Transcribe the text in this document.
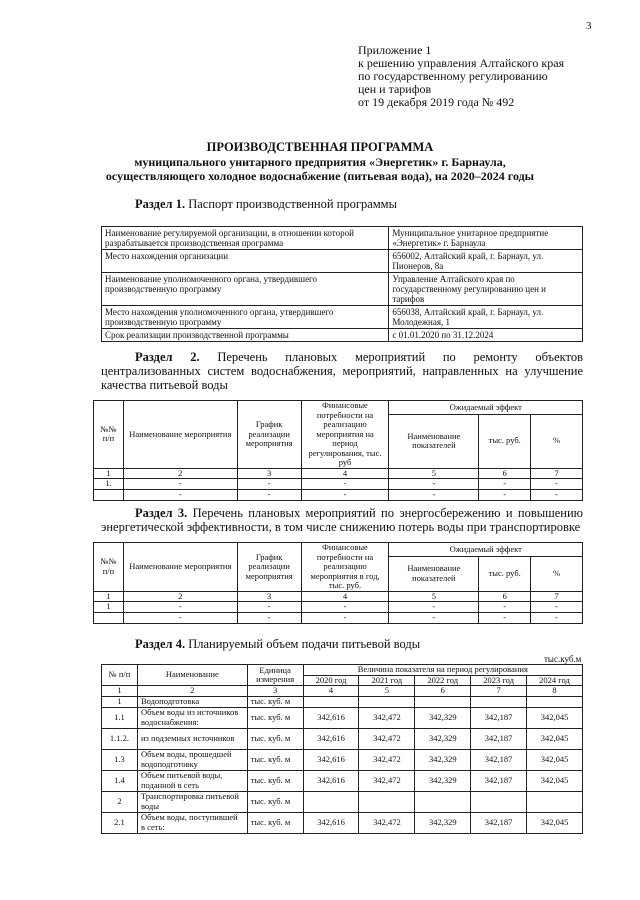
3
Приложение 1
к решению управления Алтайского края
по государственному регулированию
цен и тарифов
от 19 декабря 2019 года № 492
ПРОИЗВОДСТВЕННАЯ ПРОГРАММА
муниципального унитарного предприятия «Энергетик» г. Барнаула,
осуществляющего холодное водоснабжение (питьевая вода), на 2020–2024 годы
Раздел 1. Паспорт производственной программы
Наименование регулируемой организации, в отношении которой разрабатывается производственная программа	Муниципальное унитарное предприятие «Энергетик» г. Барнаула
Место нахождения организации	656002, Алтайский край, г. Барнаул, ул. Пионеров, 8а
Наименование уполномоченного органа, утвердившего производственную программу	Управление Алтайского края по государственному регулированию цен и тарифов
Место нахождения уполномоченного органа, утвердившего производственную программу	656038, Алтайский край, г. Барнаул, ул. Молодежная, 1
Срок реализации производственной программы	с 01.01.2020 по 31.12.2024
Раздел 2. Перечень плановых мероприятий по ремонту объектов централизованных систем водоснабжения, мероприятий, направленных на улучшение качества питьевой воды
№№ п/п	Наименование мероприятия	График реализации мероприятия	Финансовые потребности на реализацию мероприятия на период регулирования, тыс. руб	Ожидаемый эффект		
				Наименование показателей	тыс. руб.	%
1	2	3	4	5	6	7
1.	-	-	-	-	-	-
	-	-	-	-	-	-
Раздел 3. Перечень плановых мероприятий по энергосбережению и повышению энергетической эффективности, в том числе снижению потерь воды при транспортировке
№№ п/п	Наименование мероприятия	График реализации мероприятия	Финансовые потребности на реализацию мероприятия в год, тыс. руб.	Ожидаемый эффект		
				Наименование показателей	тыс. руб.	%
1	2	3	4	5	6	7
1	-	-	-	-	-	-
	-	-	-	-	-	-
Раздел 4. Планируемый объем подачи питьевой воды
тыс.куб.м
№ п/п	Наименование	Единица измерения	Величина показателя на период регулирования				
			2020 год	2021 год	2022 год	2023 год	2024 год
1	2	3	4	5	6	7	8
1	Водоподготовка	тыс. куб. м					
1.1	Объем воды из источников водоснабжения:	тыс. куб. м	342,616	342,472	342,329	342,187	342,045
1.1.2.	из подземных источников	тыс. куб. м	342,616	342,472	342,329	342,187	342,045
1.3	Объем воды, прошедшей водоподготовку	тыс. куб. м	342,616	342,472	342,329	342,187	342,045
1.4	Объем питьевой воды, поданной в сеть	тыс. куб. м	342,616	342,472	342,329	342,187	342,045
2	Транспортировка питьевой воды	тыс. куб. м					
2.1	Объем воды, поступившей в сеть:	тыс. куб. м	342,616	342,472	342,329	342,187	342,045
